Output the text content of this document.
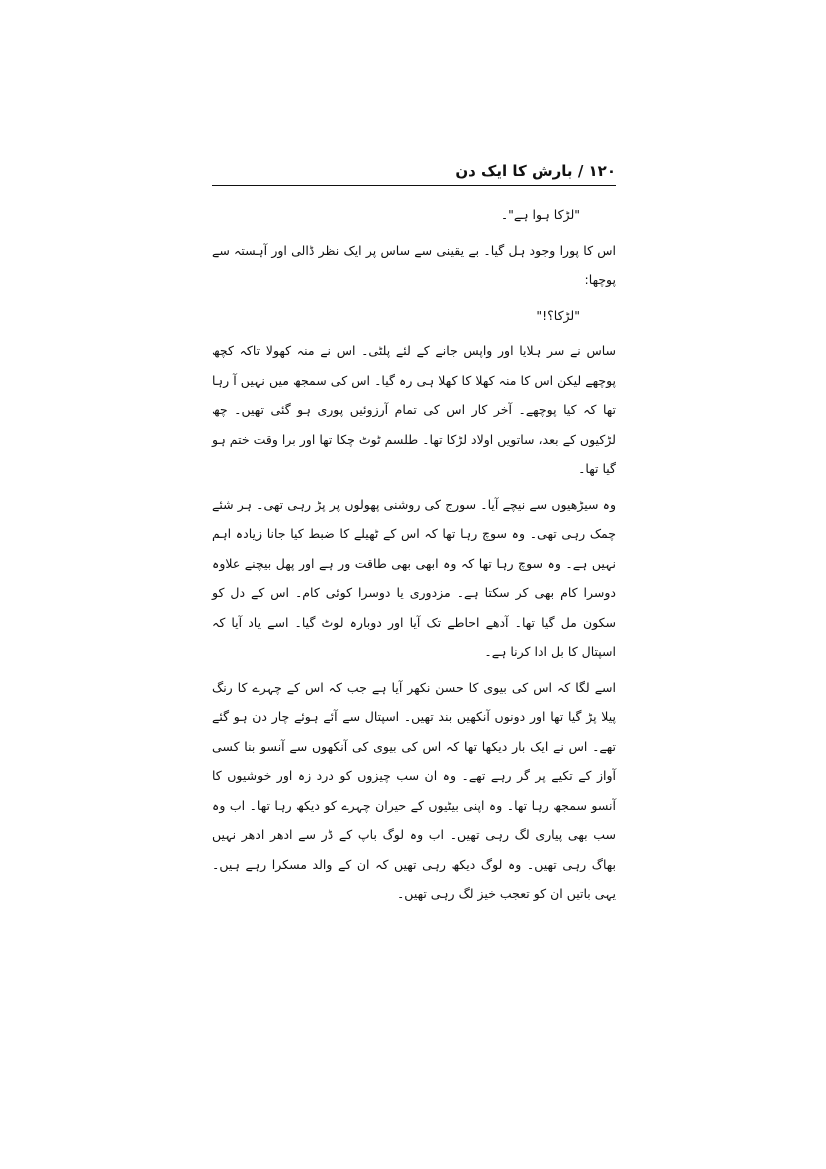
١٢٠ / بارش کا ایک دن

"لڑکا ہوا ہے"۔

اس کا پورا وجود ہل گیا۔ بے یقینی سے ساس پر ایک نظر ڈالی اور آہستہ سے پوچھا:

"لڑکا؟!"

ساس نے سر ہلایا اور واپس جانے کے لئے پلٹی۔ اس نے منہ کھولا تاکہ کچھ پوچھے لیکن اس کا منہ کھلا کا کھلا ہی رہ گیا۔ اس کی سمجھ میں نہیں آ رہا تھا کہ کیا پوچھے۔ آخر کار اس کی تمام آرزوئیں پوری ہو گئی تھیں۔ چھ لڑکیوں کے بعد، ساتویں اولاد لڑکا تھا۔ طلسم ٹوٹ چکا تھا اور برا وقت ختم ہو گیا تھا۔

وہ سیڑھیوں سے نیچے آیا۔ سورج کی روشنی پھولوں پر پڑ رہی تھی۔ ہر شئے چمک رہی تھی۔ وہ سوچ رہا تھا کہ اس کے ٹھیلے کا ضبط کیا جانا زیادہ اہم نہیں ہے۔ وہ سوچ رہا تھا کہ وہ ابھی بھی طاقت ور ہے اور پھل بیچنے علاوہ دوسرا کام بھی کر سکتا ہے۔ مزدوری یا دوسرا کوئی کام۔ اس کے دل کو سکون مل گیا تھا۔ آدھے احاطے تک آیا اور دوبارہ لوٹ گیا۔ اسے یاد آیا کہ اسپتال کا بل ادا کرنا ہے۔

اسے لگا کہ اس کی بیوی کا حسن نکھر آیا ہے جب کہ اس کے چہرے کا رنگ پیلا پڑ گیا تھا اور دونوں آنکھیں بند تھیں۔ اسپتال سے آئے ہوئے چار دن ہو گئے تھے۔ اس نے ایک بار دیکھا تھا کہ اس کی بیوی کی آنکھوں سے آنسو بنا کسی آواز کے تکیے پر گر رہے تھے۔ وہ ان سب چیزوں کو درد زہ اور خوشیوں کا آنسو سمجھ رہا تھا۔ وہ اپنی بیٹیوں کے حیران چہرے کو دیکھ رہا تھا۔ اب وہ سب بھی پیاری لگ رہی تھیں۔ اب وہ لوگ باپ کے ڈر سے ادھر ادھر نہیں بھاگ رہی تھیں۔ وہ لوگ دیکھ رہی تھیں کہ ان کے والد مسکرا رہے ہیں۔ یہی باتیں ان کو تعجب خیز لگ رہی تھیں۔
